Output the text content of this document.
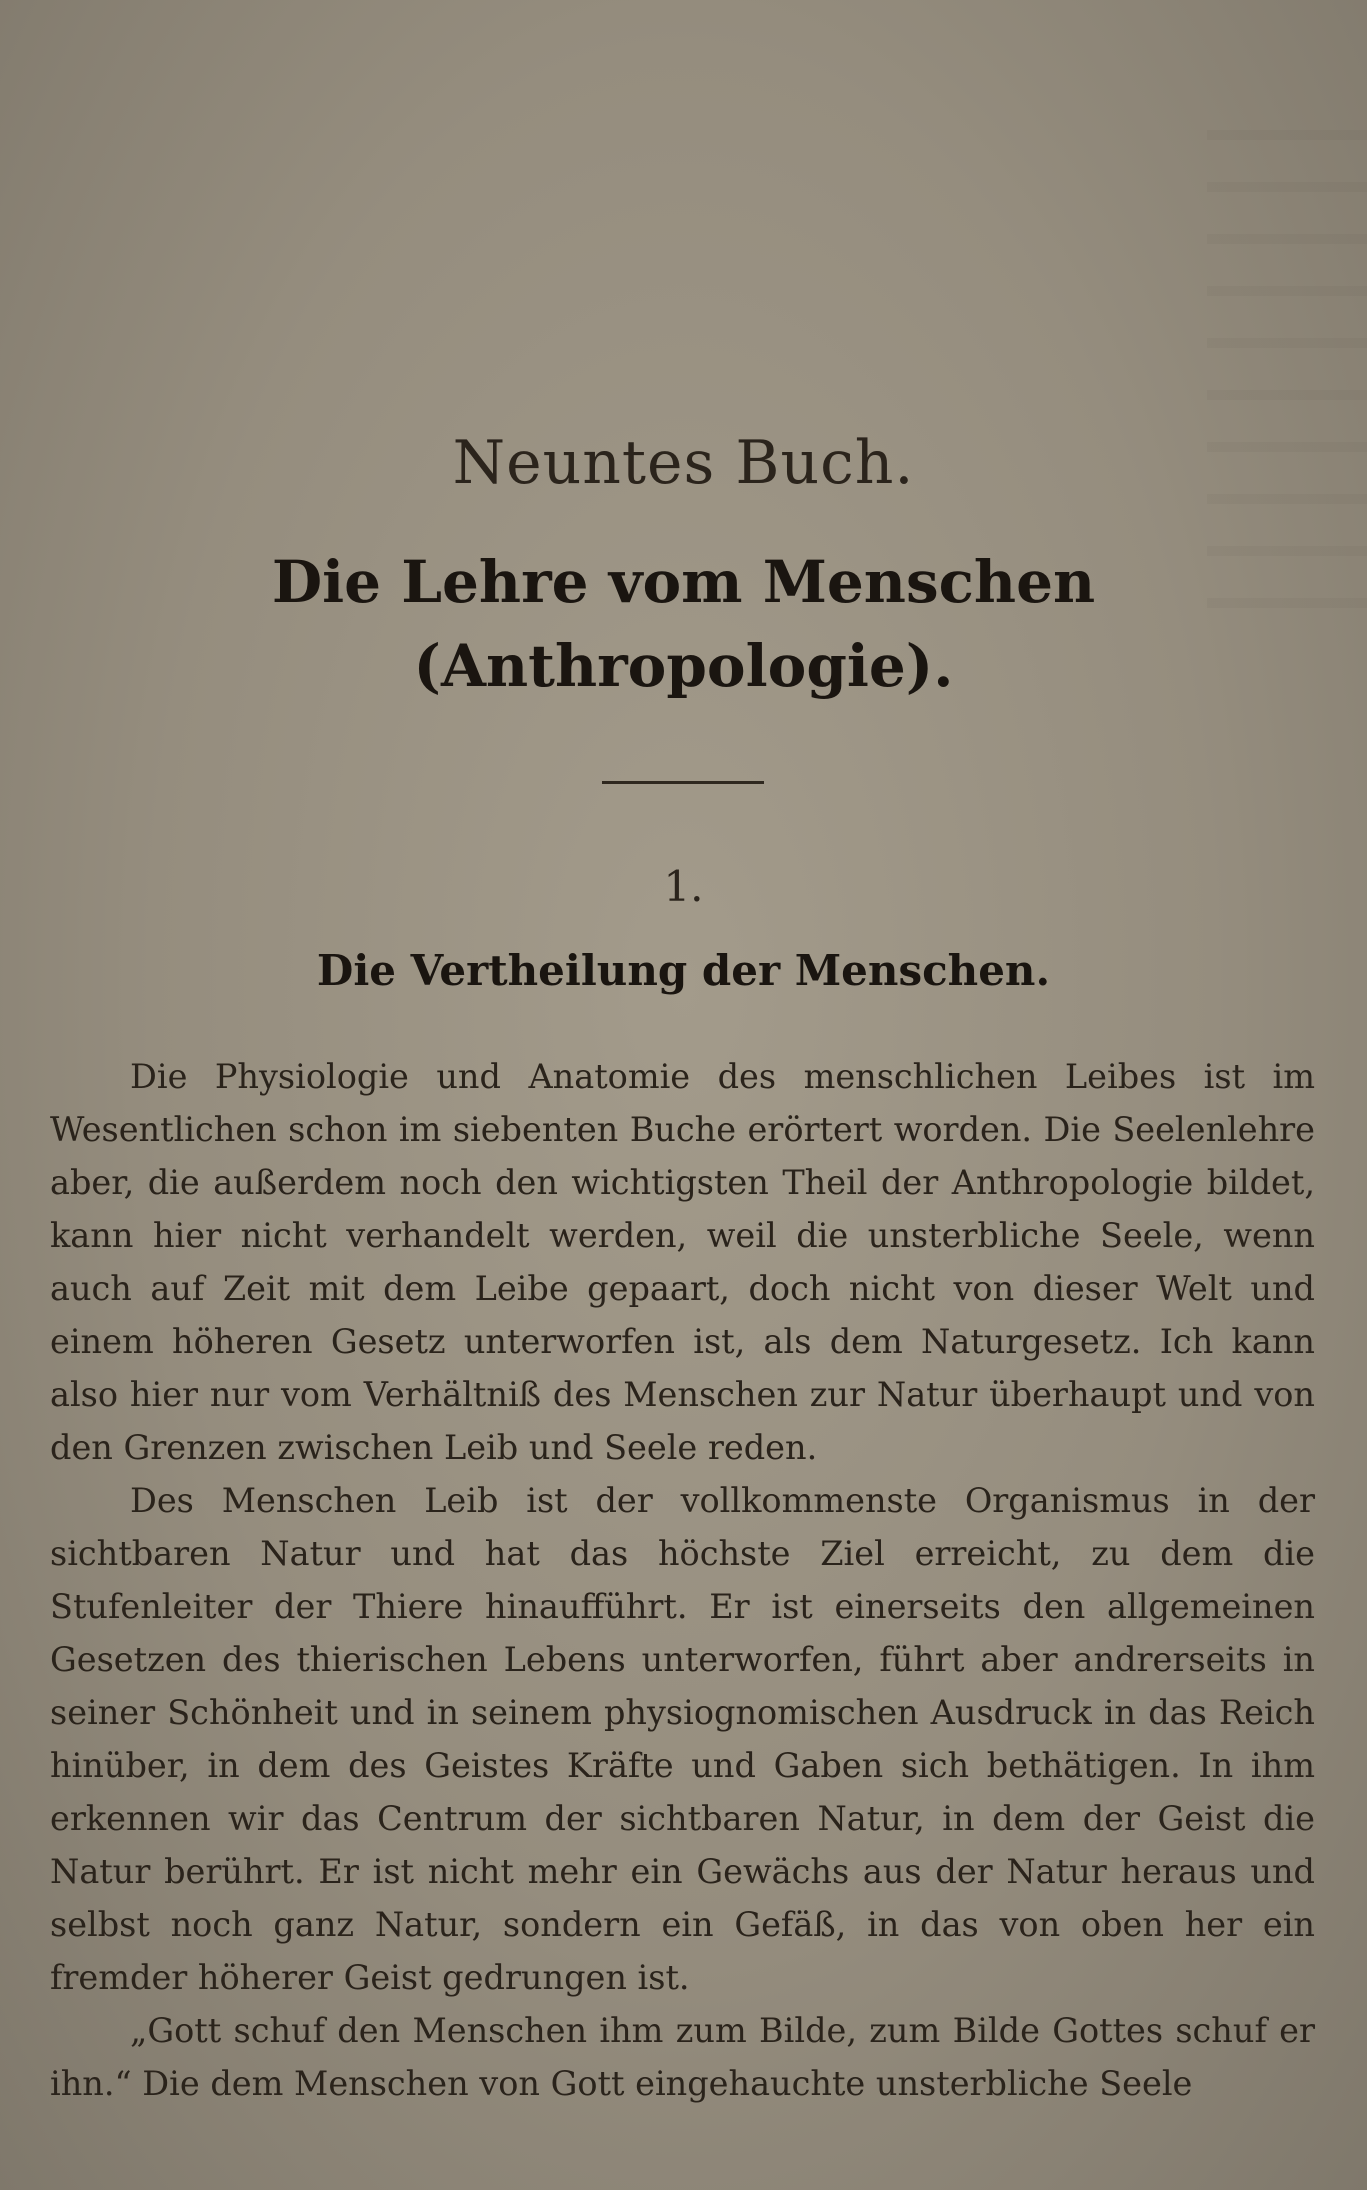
Neuntes Buch.
Die Lehre vom Menschen
(Anthropologie).
1.
Die Vertheilung der Menschen.

Die Physiologie und Anatomie des menschlichen Leibes ist im Wesentlichen schon im siebenten Buche erörtert worden. Die Seelenlehre aber, die außerdem noch den wichtigsten Theil der Anthropologie bildet, kann hier nicht verhandelt werden, weil die unsterbliche Seele, wenn auch auf Zeit mit dem Leibe gepaart, doch nicht von dieser Welt und einem höheren Gesetz unterworfen ist, als dem Naturgesetz. Ich kann also hier nur vom Verhältniß des Menschen zur Natur überhaupt und von den Grenzen zwischen Leib und Seele reden.

Des Menschen Leib ist der vollkommenste Organismus in der sichtbaren Natur und hat das höchste Ziel erreicht, zu dem die Stufenleiter der Thiere hinaufführt. Er ist einerseits den allgemeinen Gesetzen des thierischen Lebens unterworfen, führt aber andrerseits in seiner Schönheit und in seinem physiognomischen Ausdruck in das Reich hinüber, in dem des Geistes Kräfte und Gaben sich bethätigen. In ihm erkennen wir das Centrum der sichtbaren Natur, in dem der Geist die Natur berührt. Er ist nicht mehr ein Gewächs aus der Natur heraus und selbst noch ganz Natur, sondern ein Gefäß, in das von oben her ein fremder höherer Geist gedrungen ist.

„Gott schuf den Menschen ihm zum Bilde, zum Bilde Gottes schuf er ihn.“ Die dem Menschen von Gott eingehauchte unsterbliche Seele
